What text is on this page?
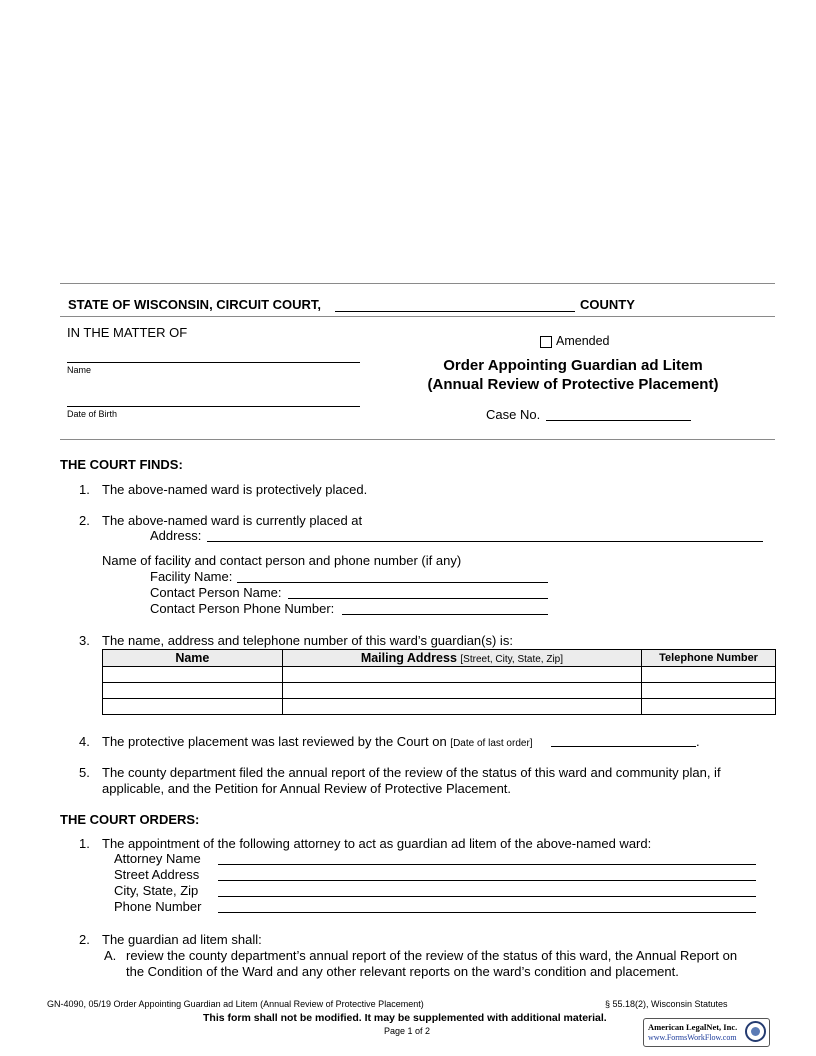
STATE OF WISCONSIN, CIRCUIT COURT,	COUNTY
IN THE MATTER OF
Name
Date of Birth
Amended
Order Appointing Guardian ad Litem
(Annual Review of Protective Placement)
Case No.
THE COURT FINDS:
1. The above-named ward is protectively placed.
2. The above-named ward is currently placed at
Address:
Name of facility and contact person and phone number (if any)
Facility Name:
Contact Person Name:
Contact Person Phone Number:
3. The name, address and telephone number of this ward’s guardian(s) is:
Name	Mailing Address [Street, City, State, Zip]	Telephone Number

4. The protective placement was last reviewed by the Court on [Date of last order]	.
5. The county department filed the annual report of the review of the status of this ward and community plan, if
applicable, and the Petition for Annual Review of Protective Placement.
THE COURT ORDERS:
1. The appointment of the following attorney to act as guardian ad litem of the above-named ward:
Attorney Name
Street Address
City, State, Zip
Phone Number
2. The guardian ad litem shall:
A. review the county department’s annual report of the review of the status of this ward, the Annual Report on
the Condition of the Ward and any other relevant reports on the ward’s condition and placement.
GN-4090, 05/19 Order Appointing Guardian ad Litem (Annual Review of Protective Placement)	§ 55.18(2), Wisconsin Statutes
This form shall not be modified. It may be supplemented with additional material.
Page 1 of 2	American LegalNet, Inc.
www.FormsWorkFlow.com
